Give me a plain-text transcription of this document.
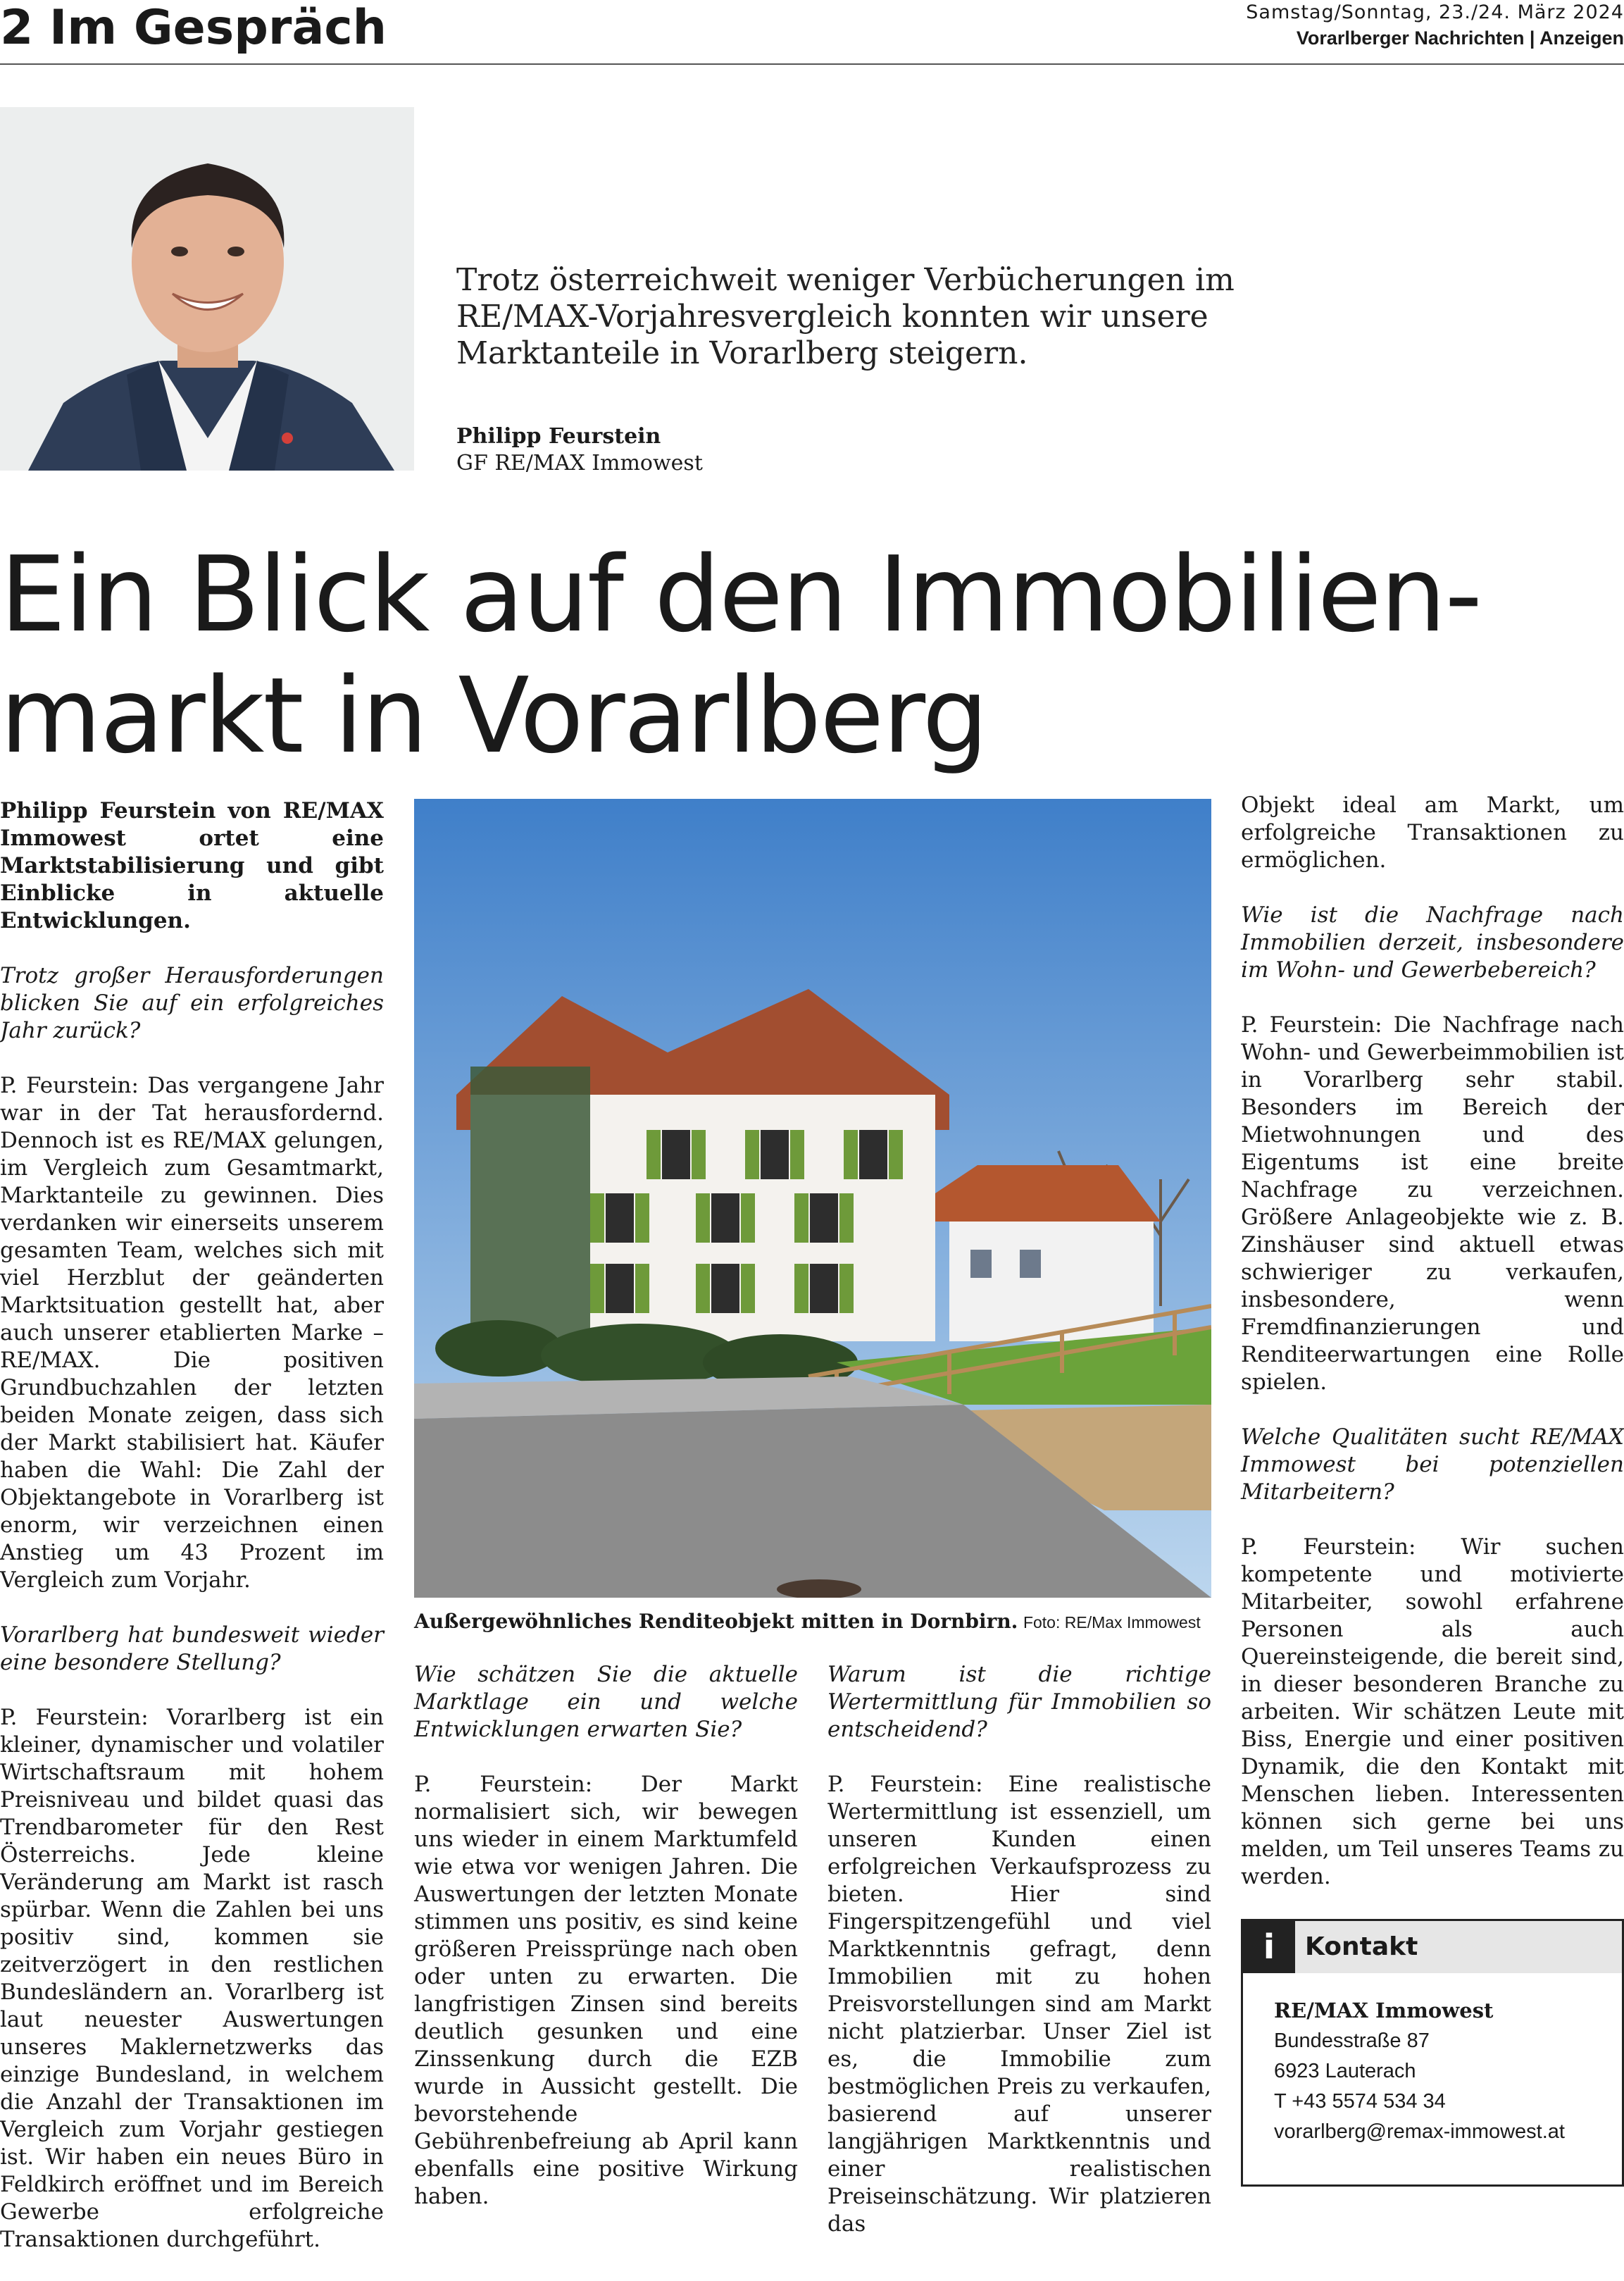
2 Im Gespräch	Samstag/Sonntag, 23./24. März 2024
Vorarlberger Nachrichten | Anzeigen
Trotz österreichweit weniger Verbücherungen im RE/MAX-Vorjahresvergleich konnten wir unsere Marktanteile in Vorarlberg steigern.
Philipp Feurstein
GF RE/MAX Immowest
Ein Blick auf den Immobilien-
markt in Vorarlberg

Philipp Feurstein von RE/MAX Immowest ortet eine Marktstabilisierung und gibt Einblicke in aktuelle Entwicklungen.

Trotz großer Herausforderungen blicken Sie auf ein erfolgreiches Jahr zurück?

P. Feurstein: Das vergangene Jahr war in der Tat herausfordernd. Dennoch ist es RE/MAX gelungen, im Vergleich zum Gesamtmarkt, Marktanteile zu gewinnen. Dies verdanken wir einerseits unserem gesamten Team, welches sich mit viel Herzblut der geänderten Marktsituation gestellt hat, aber auch unserer etablierten Marke – RE/MAX. Die positiven Grundbuchzahlen der letzten beiden Monate zeigen, dass sich der Markt stabilisiert hat. Käufer haben die Wahl: Die Zahl der Objektangebote in Vorarlberg ist enorm, wir verzeichnen einen Anstieg um 43 Prozent im Vergleich zum Vorjahr.

Vorarlberg hat bundesweit wieder eine besondere Stellung?

P. Feurstein: Vorarlberg ist ein kleiner, dynamischer und volatiler Wirtschaftsraum mit hohem Preisniveau und bildet quasi das Trendbarometer für den Rest Österreichs. Jede kleine Veränderung am Markt ist rasch spürbar. Wenn die Zahlen bei uns positiv sind, kommen sie zeitverzögert in den restlichen Bundesländern an. Vorarlberg ist laut neuester Auswertungen unseres Maklernetzwerks das einzige Bundesland, in welchem die Anzahl der Transaktionen im Vergleich zum Vorjahr gestiegen ist. Wir haben ein neues Büro in Feldkirch eröffnet und im Bereich Gewerbe erfolgreiche Transaktionen durchgeführt.

Außergewöhnliches Renditeobjekt mitten in Dornbirn. Foto: RE/Max Immowest

Wie schätzen Sie die aktuelle Marktlage ein und welche Entwicklungen erwarten Sie?

P. Feurstein: Der Markt normalisiert sich, wir bewegen uns wieder in einem Marktumfeld wie etwa vor wenigen Jahren. Die Auswertungen der letzten Monate stimmen uns positiv, es sind keine größeren Preissprünge nach oben oder unten zu erwarten. Die langfristigen Zinsen sind bereits deutlich gesunken und eine Zinssenkung durch die EZB wurde in Aussicht gestellt. Die bevorstehende Gebührenbefreiung ab April kann ebenfalls eine positive Wirkung haben.

Warum ist die richtige Wertermittlung für Immobilien so entscheidend?

P. Feurstein: Eine realistische Wertermittlung ist essenziell, um unseren Kunden einen erfolgreichen Verkaufsprozess zu bieten. Hier sind Fingerspitzengefühl und viel Marktkenntnis gefragt, denn Immobilien mit zu hohen Preisvorstellungen sind am Markt nicht platzierbar. Unser Ziel ist es, die Immobilie zum bestmöglichen Preis zu verkaufen, basierend auf unserer langjährigen Marktkenntnis und einer realistischen Preiseinschätzung. Wir platzieren das

Objekt ideal am Markt, um erfolgreiche Transaktionen zu ermöglichen.

Wie ist die Nachfrage nach Immobilien derzeit, insbesondere im Wohn- und Gewerbebereich?

P. Feurstein: Die Nachfrage nach Wohn- und Gewerbeimmobilien ist in Vorarlberg sehr stabil. Besonders im Bereich der Mietwohnungen und des Eigentums ist eine breite Nachfrage zu verzeichnen. Größere Anlageobjekte wie z. B. Zinshäuser sind aktuell etwas schwieriger zu verkaufen, insbesondere, wenn Fremdfinanzierungen und Renditeerwartungen eine Rolle spielen.

Welche Qualitäten sucht RE/MAX Immowest bei potenziellen Mitarbeitern?

P. Feurstein: Wir suchen kompetente und motivierte Mitarbeiter, sowohl erfahrene Personen als auch Quereinsteigende, die bereit sind, in dieser besonderen Branche zu arbeiten. Wir schätzen Leute mit Biss, Energie und einer positiven Dynamik, die den Kontakt mit Menschen lieben. Interessenten können sich gerne bei uns melden, um Teil unseres Teams zu werden.

i	Kontakt
RE/MAX Immowest
Bundesstraße 87
6923 Lauterach
T +43 5574 534 34
vorarlberg@remax-immowest.at
